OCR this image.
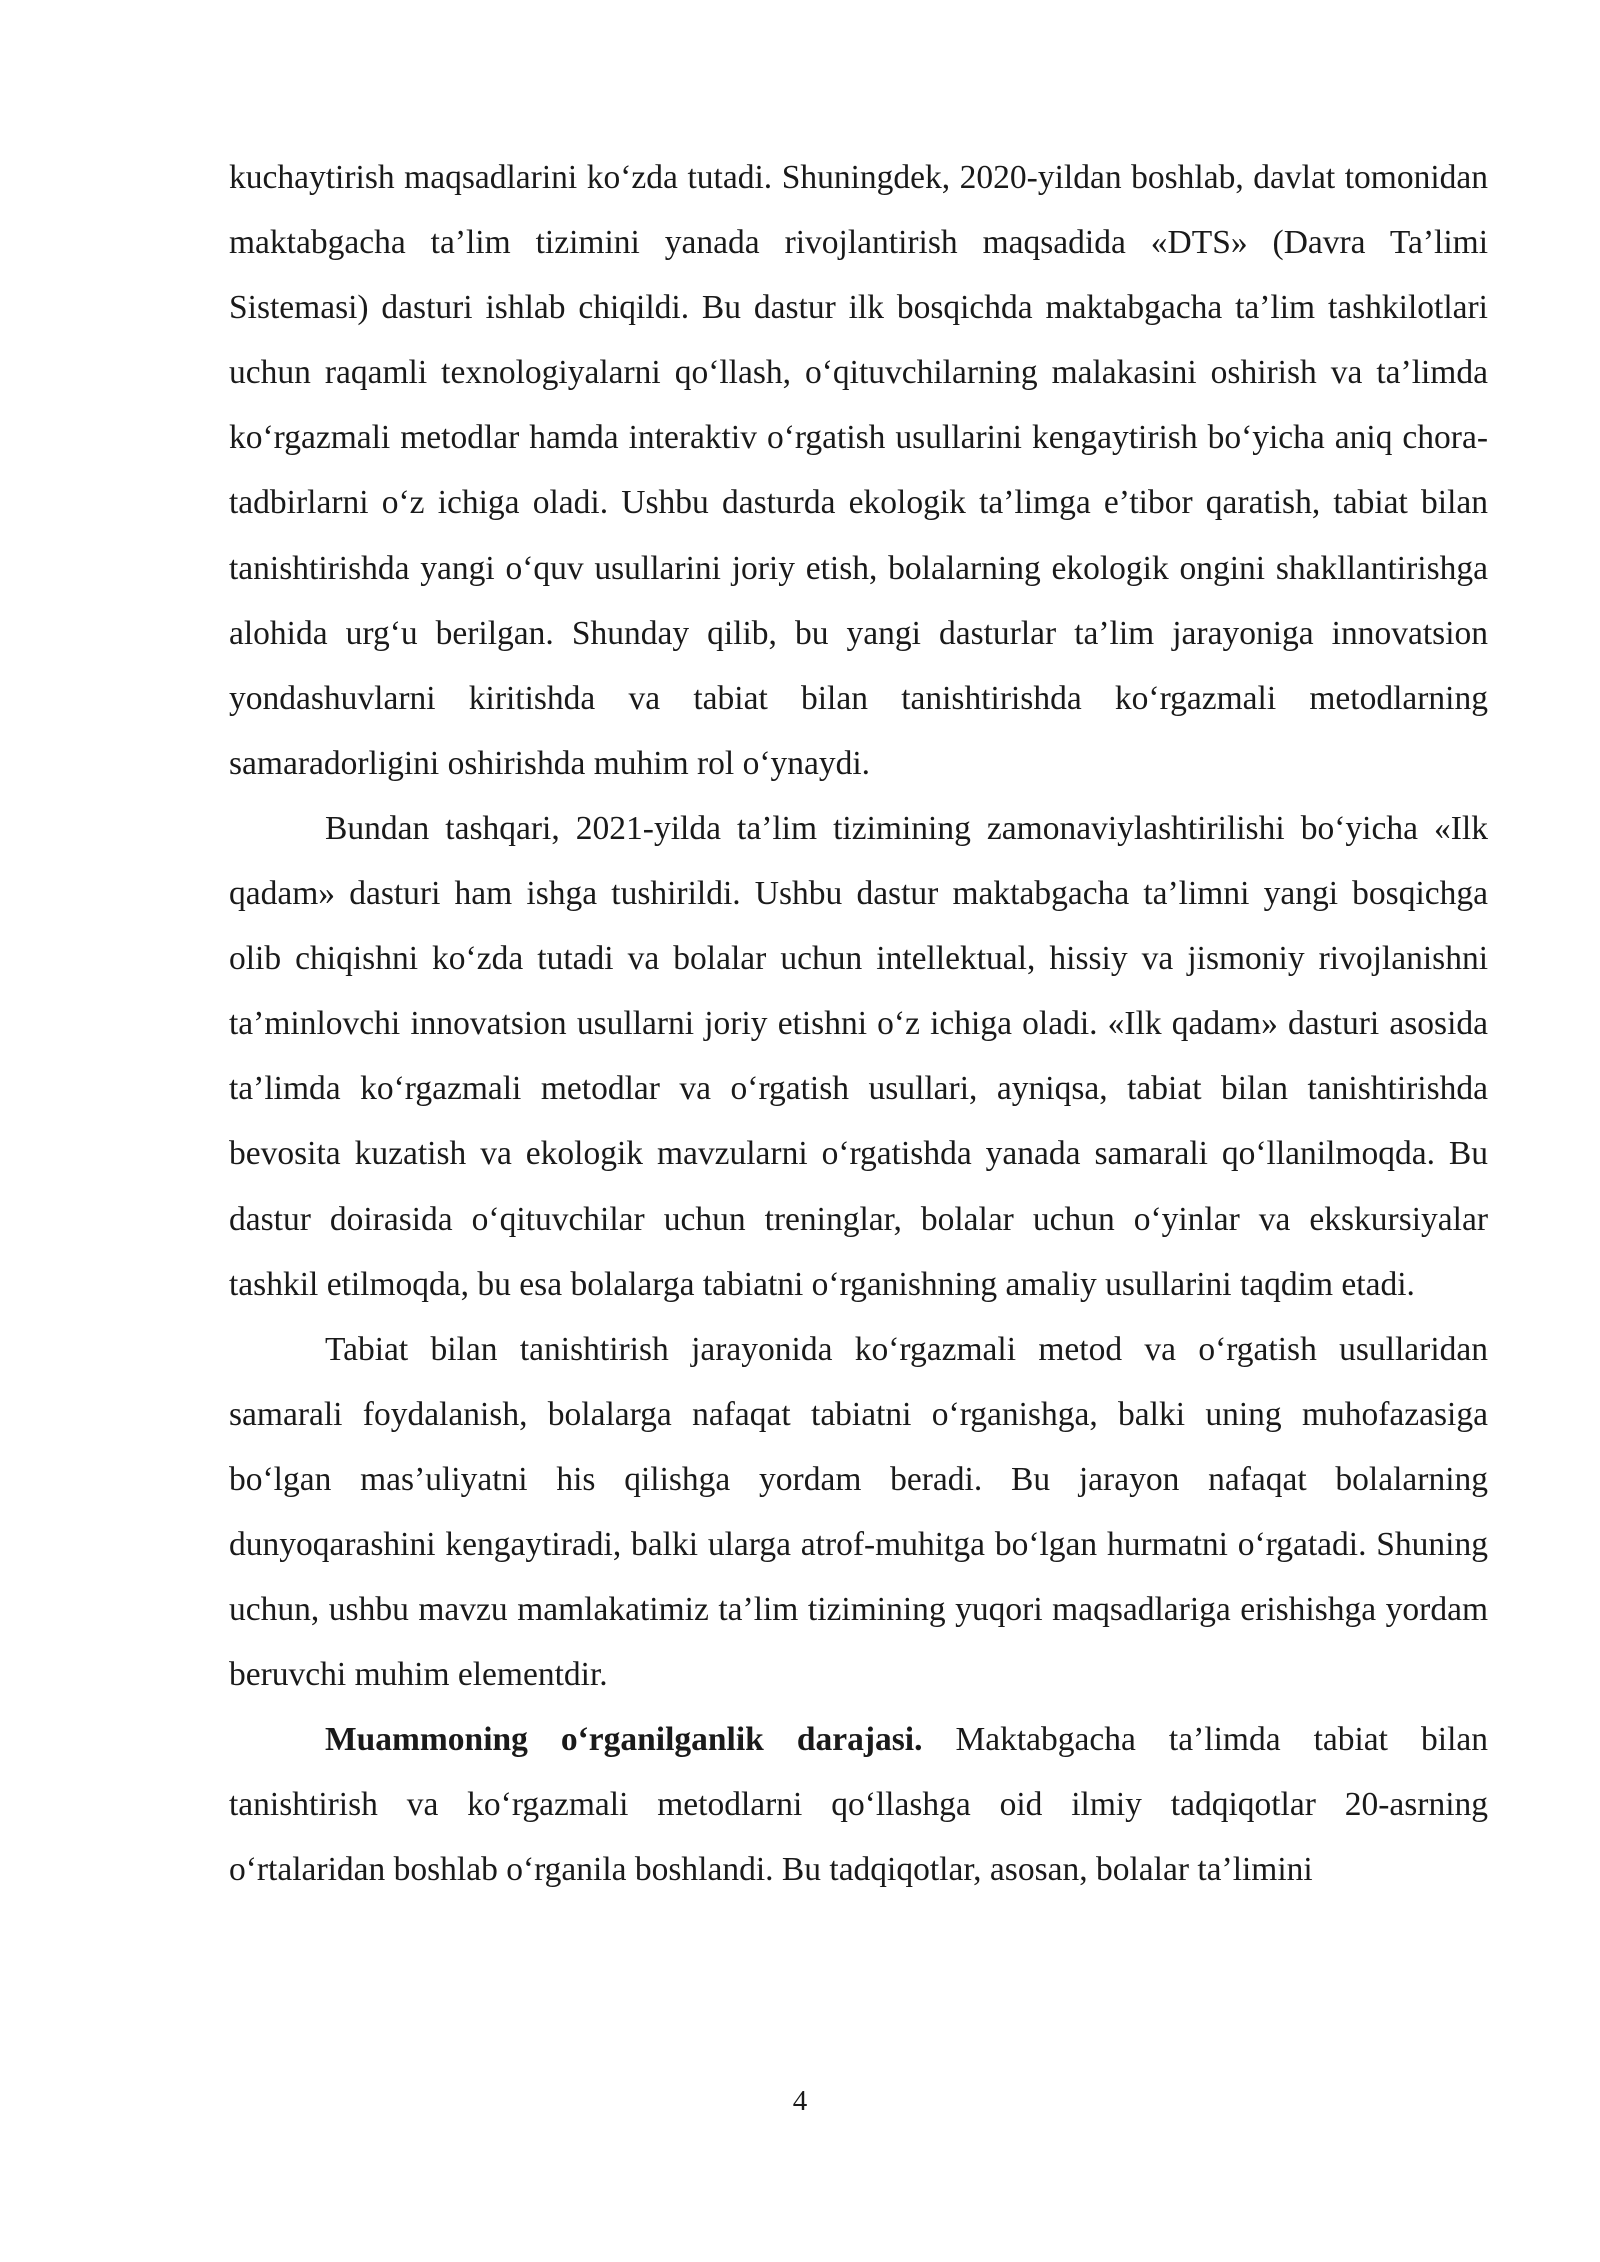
kuchaytirish maqsadlarini ko‘zda tutadi. Shuningdek, 2020-yildan boshlab, davlat tomonidan maktabgacha ta’lim tizimini yanada rivojlantirish maqsadida «DTS» (Davra Ta’limi Sistemasi) dasturi ishlab chiqildi. Bu dastur ilk bosqichda maktabgacha ta’lim tashkilotlari uchun raqamli texnologiyalarni qo‘llash, o‘qituvchilarning malakasini oshirish va ta’limda ko‘rgazmali metodlar hamda interaktiv o‘rgatish usullarini kengaytirish bo‘yicha aniq chora-tadbirlarni o‘z ichiga oladi. Ushbu dasturda ekologik ta’limga e’tibor qaratish, tabiat bilan tanishtirishda yangi o‘quv usullarini joriy etish, bolalarning ekologik ongini shakllantirishga alohida urg‘u berilgan. Shunday qilib, bu yangi dasturlar ta’lim jarayoniga innovatsion yondashuvlarni kiritishda va tabiat bilan tanishtirishda ko‘rgazmali metodlarning samaradorligini oshirishda muhim rol o‘ynaydi.

Bundan tashqari, 2021-yilda ta’lim tizimining zamonaviylashtirilishi bo‘yicha «Ilk qadam» dasturi ham ishga tushirildi. Ushbu dastur maktabgacha ta’limni yangi bosqichga olib chiqishni ko‘zda tutadi va bolalar uchun intellektual, hissiy va jismoniy rivojlanishni ta’minlovchi innovatsion usullarni joriy etishni o‘z ichiga oladi. «Ilk qadam» dasturi asosida ta’limda ko‘rgazmali metodlar va o‘rgatish usullari, ayniqsa, tabiat bilan tanishtirishda bevosita kuzatish va ekologik mavzularni o‘rgatishda yanada samarali qo‘llanilmoqda. Bu dastur doirasida o‘qituvchilar uchun treninglar, bolalar uchun o‘yinlar va ekskursiyalar tashkil etilmoqda, bu esa bolalarga tabiatni o‘rganishning amaliy usullarini taqdim etadi.

Tabiat bilan tanishtirish jarayonida ko‘rgazmali metod va o‘rgatish usullaridan samarali foydalanish, bolalarga nafaqat tabiatni o‘rganishga, balki uning muhofazasiga bo‘lgan mas’uliyatni his qilishga yordam beradi. Bu jarayon nafaqat bolalarning dunyoqarashini kengaytiradi, balki ularga atrof-muhitga bo‘lgan hurmatni o‘rgatadi. Shuning uchun, ushbu mavzu mamlakatimiz ta’lim tizimining yuqori maqsadlariga erishishga yordam beruvchi muhim elementdir.

Muammoning o‘rganilganlik darajasi. Maktabgacha ta’limda tabiat bilan tanishtirish va ko‘rgazmali metodlarni qo‘llashga oid ilmiy tadqiqotlar 20-asrning o‘rtalaridan boshlab o‘rganila boshlandi. Bu tadqiqotlar, asosan, bolalar ta’limini

4
